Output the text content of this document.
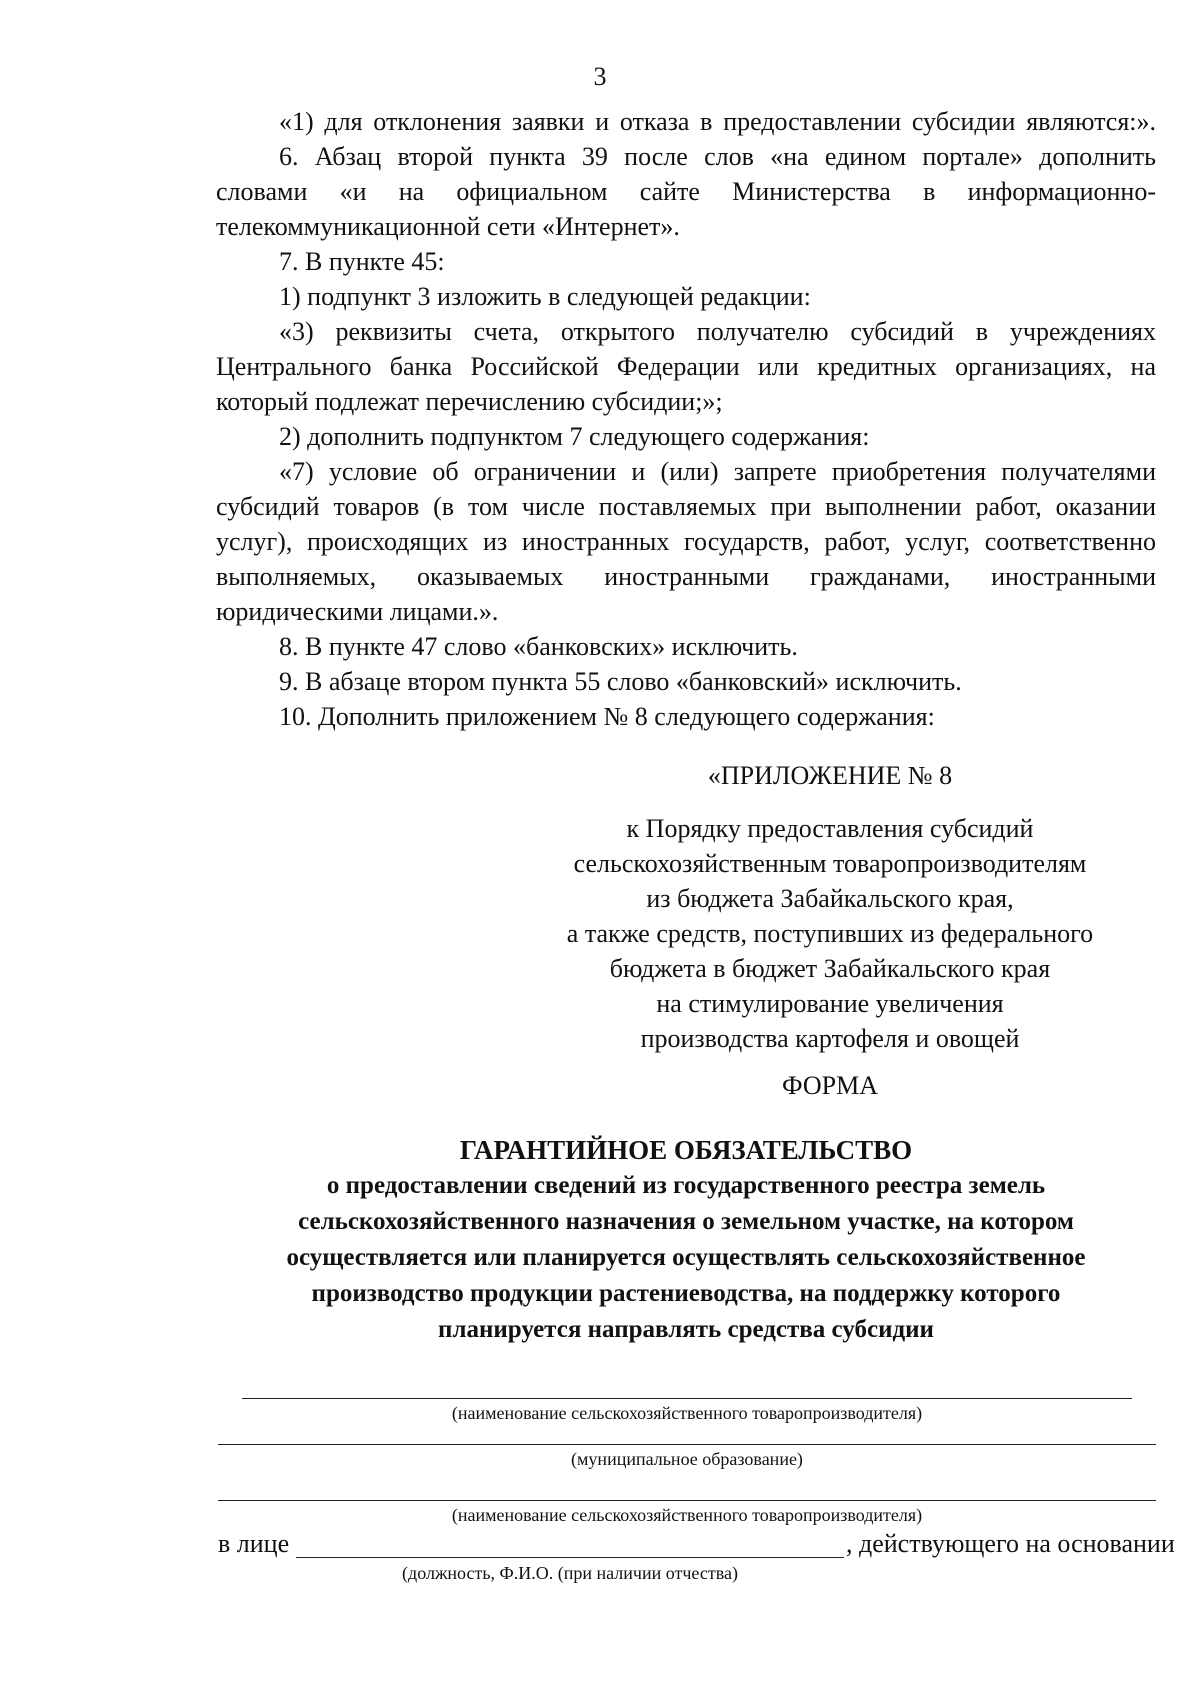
3

«1) для отклонения заявки и отказа в предоставлении субсидии являются:».

6. Абзац второй пункта 39 после слов «на едином портале» дополнить словами «и на официальном сайте Министерства в информационно-телекоммуникационной сети «Интернет».

7. В пункте 45:

1) подпункт 3 изложить в следующей редакции:

«3) реквизиты счета, открытого получателю субсидий в учреждениях Центрального банка Российской Федерации или кредитных организациях, на который подлежат перечислению субсидии;»;

2) дополнить подпунктом 7 следующего содержания:

«7) условие об ограничении и (или) запрете приобретения получателями субсидий товаров (в том числе поставляемых при выполнении работ, оказании услуг), происходящих из иностранных государств, работ, услуг, соответственно выполняемых, оказываемых иностранными гражданами, иностранными юридическими лицами.».

8. В пункте 47 слово «банковских» исключить.

9. В абзаце втором пункта 55 слово «банковский» исключить.

10. Дополнить приложением № 8 следующего содержания:

«ПРИЛОЖЕНИЕ № 8
к Порядку предоставления субсидий
сельскохозяйственным товаропроизводителям
из бюджета Забайкальского края,
а также средств, поступивших из федерального
бюджета в бюджет Забайкальского края
на стимулирование увеличения
производства картофеля и овощей
ФОРМА
ГАРАНТИЙНОЕ ОБЯЗАТЕЛЬСТВО
о предоставлении сведений из государственного реестра земель
сельскохозяйственного назначения о земельном участке, на котором
осуществляется или планируется осуществлять сельскохозяйственное
производство продукции растениеводства, на поддержку которого
планируется направлять средства субсидии
(наименование сельскохозяйственного товаропроизводителя)
(муниципальное образование)
(наименование сельскохозяйственного товаропроизводителя)
в лице	, действующего на основании
(должность, Ф.И.О. (при наличии отчества)
